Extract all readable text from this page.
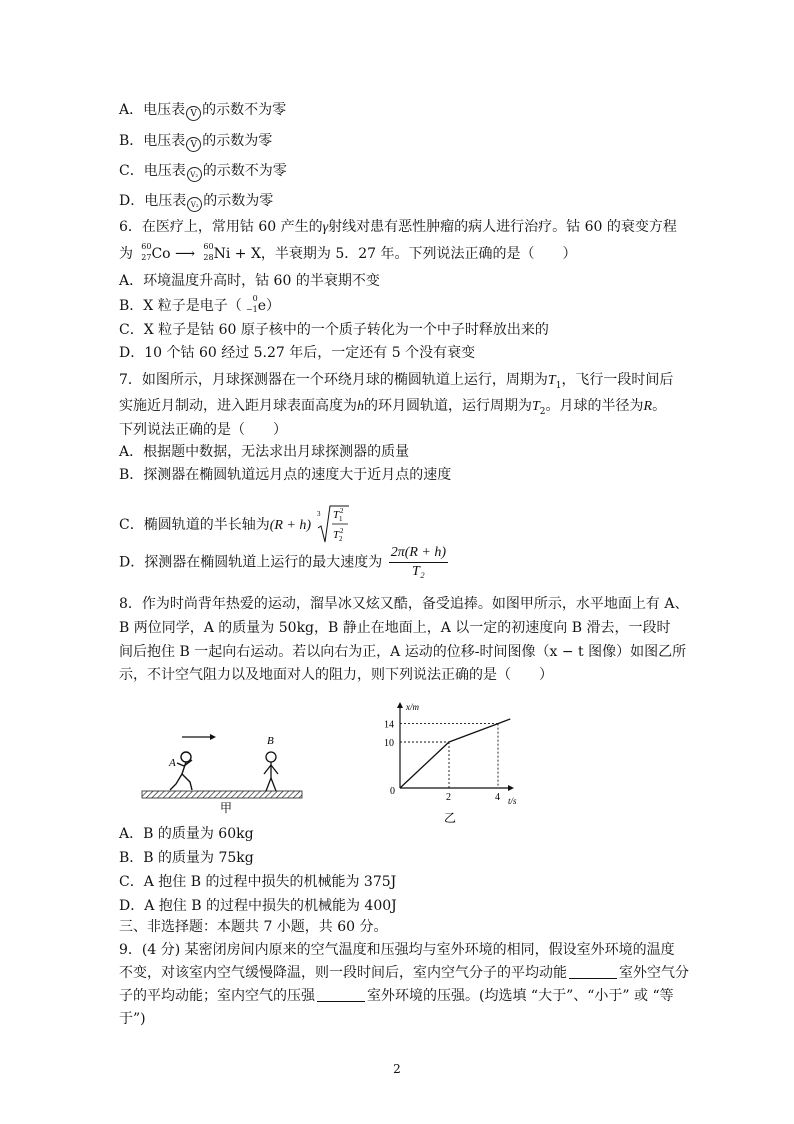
A．电压表 V 的示数不为零
B．电压表 V 的示数为零
C．电压表 V₂ 的示数不为零
D．电压表 V₂ 的示数为零
6．在医疗上，常用钴 60 产生的γ射线对患有恶性肿瘤的病人进行治疗。钴 60 的衰变方程
为 60
27 Co ⟶ 60
28 Ni + X，半衰期为 5．27 年。下列说法正确的是（　　）
A．环境温度升高时，钴 60 的半衰期不变
B．X 粒子是电子（ 0
−1 e）
C．X 粒子是钴 60 原子核中的一个质子转化为一个中子时释放出来的
D．10 个钴 60 经过 5.27 年后，一定还有 5 个没有衰变
7．如图所示，月球探测器在一个环绕月球的椭圆轨道上运行，周期为$T_1$，飞行一段时间后
实施近月制动，进入距月球表面高度为h的环月圆轨道，运行周期为$T_2$。月球的半径为R。
下列说法正确的是（　　）
A．根据题中数据，无法求出月球探测器的质量
B．探测器在椭圆轨道远月点的速度大于近月点的速度
C．椭圆轨道的半长轴为(R + h)
3 T 2
1
T 2
2
D．探测器在椭圆轨道上运行的最大速度为 $\frac{2\pi(R + h)}{\text{T₂}}$
8．作为时尚背年热爱的运动，溜旱冰又炫又酷，备受追捧。如图甲所示，水平地面上有 A、
B 两位同学，A 的质量为 50kg，B 静止在地面上，A 以一定的初速度向 B 滑去，一段时
间后抱住 B 一起向右运动。若以向右为正，A 运动的位移-时间图像（x − t 图像）如图乙所
示，不计空气阻力以及地面对人的阻力，则下列说法正确的是（　　）
A
B
甲
x/m
t/s
0
2
10
4
14
乙
A．B 的质量为 60kg
B．B 的质量为 75kg
C．A 抱住 B 的过程中损失的机械能为 375J
D．A 抱住 B 的过程中损失的机械能为 400J
三、非选择题：本题共 7 小题，共 60 分。
9．(4 分) 某密闭房间内原来的空气温度和压强均与室外环境的相同，假设室外环境的温度
不变，对该室内空气缓慢降温，则一段时间后，室内空气分子的平均动能	室外空气分
子的平均动能；室内空气的压强	室外环境的压强。(均选填 “大于”、“小于” 或 “等
于”)
2
